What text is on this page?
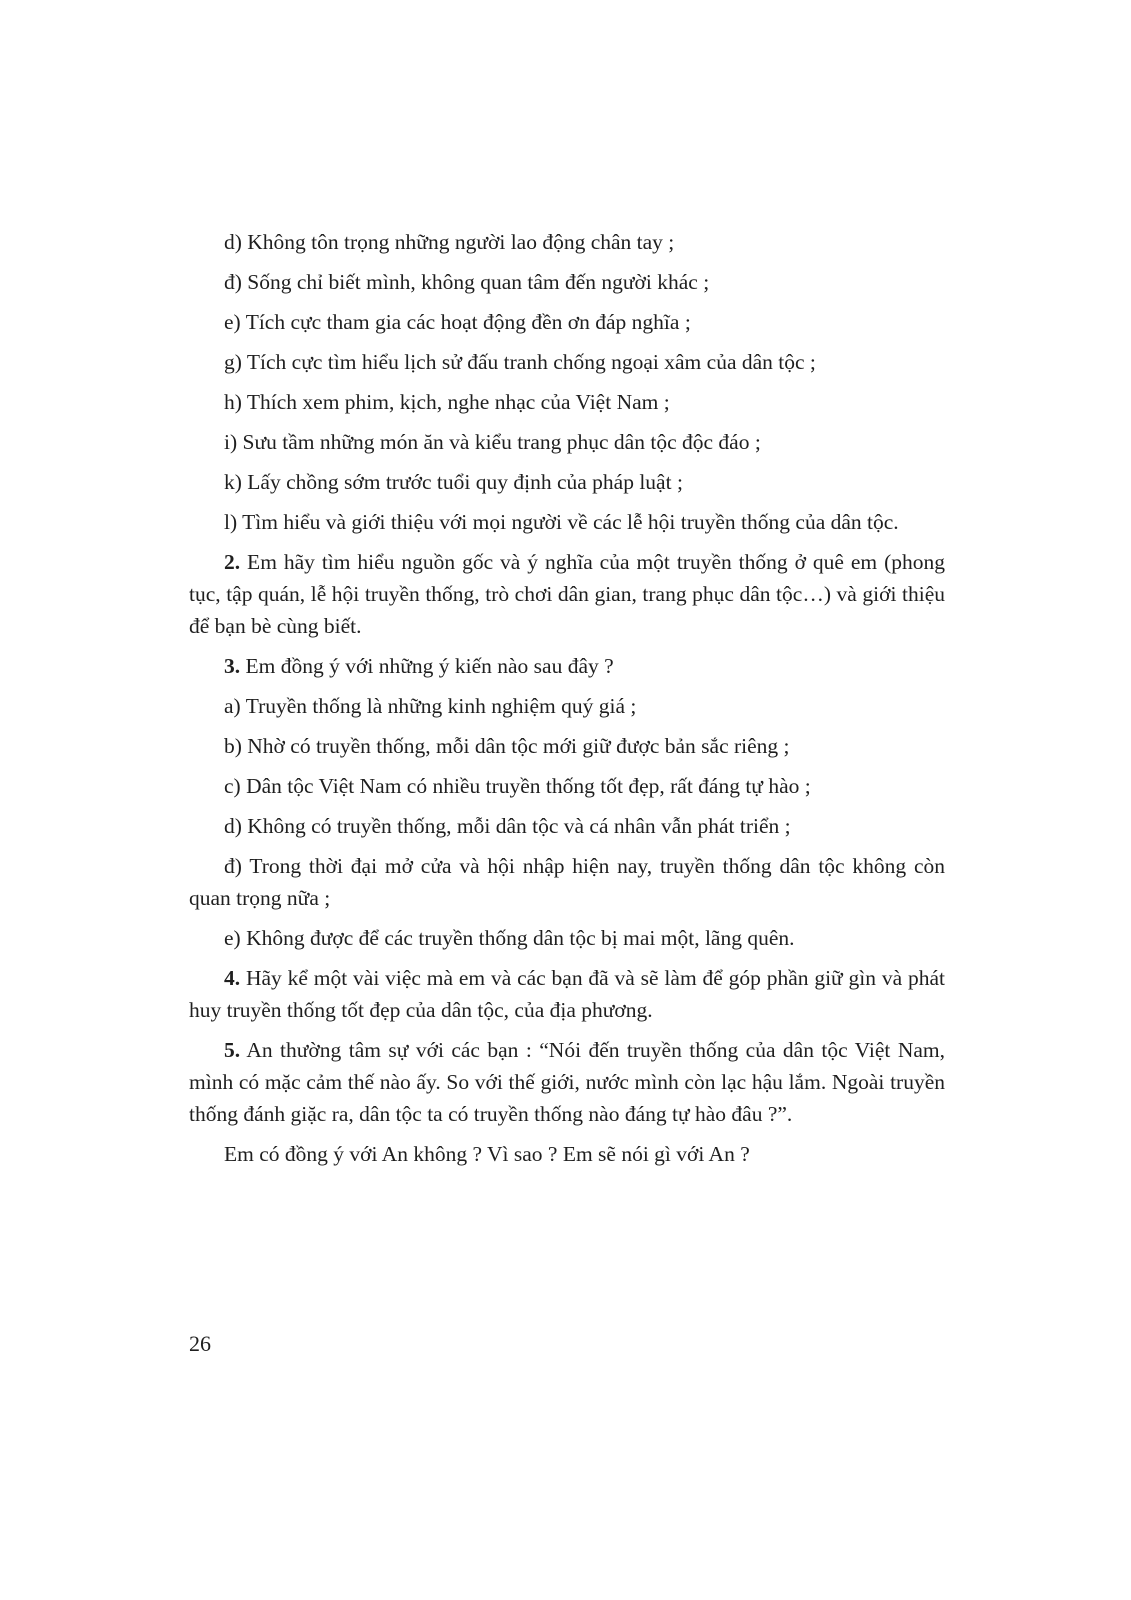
d) Không tôn trọng những người lao động chân tay ;

đ) Sống chỉ biết mình, không quan tâm đến người khác ;

e) Tích cực tham gia các hoạt động đền ơn đáp nghĩa ;

g) Tích cực tìm hiểu lịch sử đấu tranh chống ngoại xâm của dân tộc ;

h) Thích xem phim, kịch, nghe nhạc của Việt Nam ;

i) Sưu tầm những món ăn và kiểu trang phục dân tộc độc đáo ;

k) Lấy chồng sớm trước tuổi quy định của pháp luật ;

l) Tìm hiểu và giới thiệu với mọi người về các lễ hội truyền thống của dân tộc.

2. Em hãy tìm hiểu nguồn gốc và ý nghĩa của một truyền thống ở quê em (phong tục, tập quán, lễ hội truyền thống, trò chơi dân gian, trang phục dân tộc…) và giới thiệu để bạn bè cùng biết.

3. Em đồng ý với những ý kiến nào sau đây ?

a) Truyền thống là những kinh nghiệm quý giá ;

b) Nhờ có truyền thống, mỗi dân tộc mới giữ được bản sắc riêng ;

c) Dân tộc Việt Nam có nhiều truyền thống tốt đẹp, rất đáng tự hào ;

d) Không có truyền thống, mỗi dân tộc và cá nhân vẫn phát triển ;

đ) Trong thời đại mở cửa và hội nhập hiện nay, truyền thống dân tộc không còn quan trọng nữa ;

e) Không được để các truyền thống dân tộc bị mai một, lãng quên.

4. Hãy kể một vài việc mà em và các bạn đã và sẽ làm để góp phần giữ gìn và phát huy truyền thống tốt đẹp của dân tộc, của địa phương.

5. An thường tâm sự với các bạn : “Nói đến truyền thống của dân tộc Việt Nam, mình có mặc cảm thế nào ấy. So với thế giới, nước mình còn lạc hậu lắm. Ngoài truyền thống đánh giặc ra, dân tộc ta có truyền thống nào đáng tự hào đâu ?”.

Em có đồng ý với An không ? Vì sao ? Em sẽ nói gì với An ?

26
